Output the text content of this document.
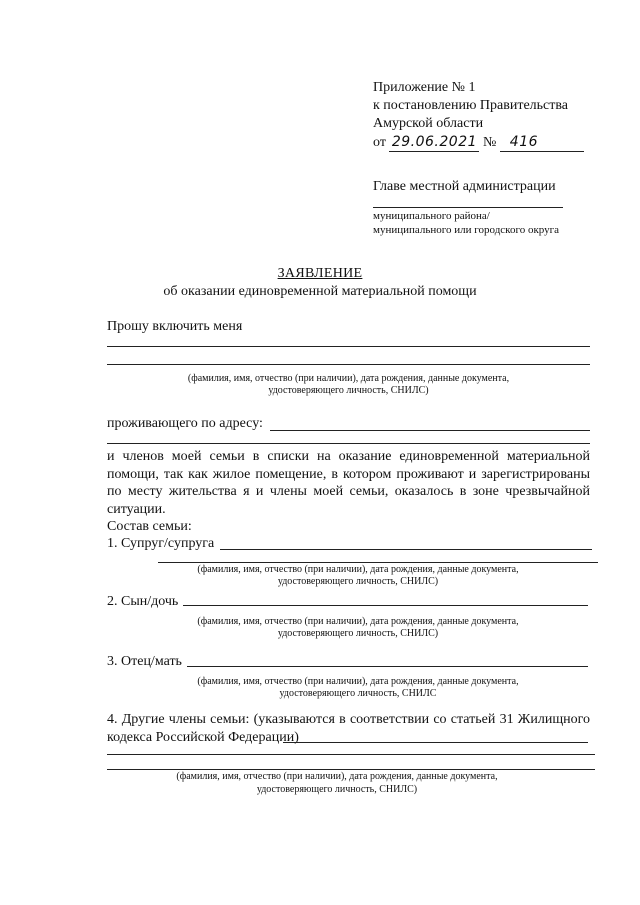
Приложение № 1
к постановлению Правительства
Амурской области
от 29.06.2021 № 416
Главе местной администрации
муниципального района/
муниципального или городского округа
ЗАЯВЛЕНИЕ
об оказании единовременной материальной помощи
Прошу включить меня
(фамилия, имя, отчество (при наличии), дата рождения, данные документа,
удостоверяющего личность, СНИЛС)
проживающего по адресу:
и членов моей семьи в списки на оказание единовременной материальной помощи, так как жилое помещение, в котором проживают и зарегистрированы по месту жительства я и члены моей семьи, оказалось в зоне чрезвычайной ситуации.
Состав семьи:
1. Супруг/супруга
(фамилия, имя, отчество (при наличии), дата рождения, данные документа,
удостоверяющего личность, СНИЛС)
2. Сын/дочь
(фамилия, имя, отчество (при наличии), дата рождения, данные документа,
удостоверяющего личность, СНИЛС)
3. Отец/мать
(фамилия, имя, отчество (при наличии), дата рождения, данные документа,
удостоверяющего личность, СНИЛС
4. Другие члены семьи: (указываются в соответствии со статьей 31 Жилищного кодекса Российской Федерации)
(фамилия, имя, отчество (при наличии), дата рождения, данные документа,
удостоверяющего личность, СНИЛС)
